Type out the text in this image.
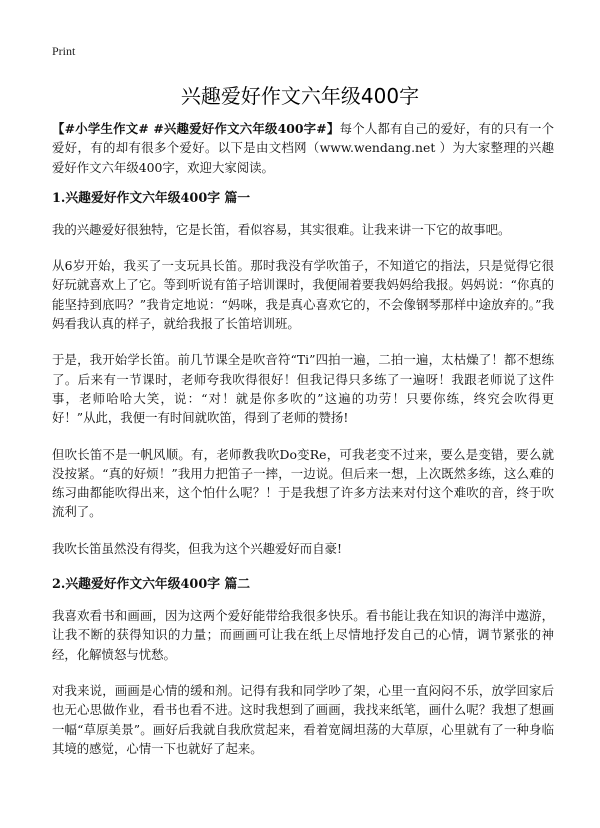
Print
兴趣爱好作文六年级400字

【#小学生作文# #兴趣爱好作文六年级400字#】每个人都有自己的爱好，有的只有一个爱好，有的却有很多个爱好。以下是由文档网（www.wendang.net ）为大家整理的兴趣爱好作文六年级400字，欢迎大家阅读。

1.兴趣爱好作文六年级400字 篇一

我的兴趣爱好很独特，它是长笛，看似容易，其实很难。让我来讲一下它的故事吧。

从6岁开始，我买了一支玩具长笛。那时我没有学吹笛子，不知道它的指法，只是觉得它很好玩就喜欢上了它。等到听说有笛子培训课时，我便闹着要我妈妈给我报。妈妈说：“你真的能坚持到底吗？”我肯定地说：“妈咪，我是真心喜欢它的，不会像钢琴那样中途放弃的。”我妈看我认真的样子，就给我报了长笛培训班。

于是，我开始学长笛。前几节课全是吹音符“Ti”四拍一遍，二拍一遍，太枯燥了！都不想练了。后来有一节课时，老师夸我吹得很好！但我记得只多练了一遍呀！我跟老师说了这件事，老师哈哈大笑，说：“对！就是你多吹的”这遍的功劳！只要你练，终究会吹得更好！”从此，我便一有时间就吹笛，得到了老师的赞扬!

但吹长笛不是一帆风顺。有，老师教我吹Do变Re，可我老变不过来，要么是变错，要么就没按紧。“真的好烦！”我用力把笛子一摔，一边说。但后来一想，上次既然多练，这么难的练习曲都能吹得出来，这个怕什么呢？！于是我想了许多方法来对付这个难吹的音，终于吹流利了。

我吹长笛虽然没有得奖，但我为这个兴趣爱好而自豪!

2.兴趣爱好作文六年级400字 篇二

我喜欢看书和画画，因为这两个爱好能带给我很多快乐。看书能让我在知识的海洋中遨游，让我不断的获得知识的力量；而画画可让我在纸上尽情地抒发自己的心情，调节紧张的神经，化解愤怒与忧愁。

对我来说，画画是心情的缓和剂。记得有我和同学吵了架，心里一直闷闷不乐，放学回家后也无心思做作业，看书也看不进。这时我想到了画画，我找来纸笔，画什么呢？我想了想画一幅“草原美景”。画好后我就自我欣赏起来，看着宽阔坦荡的大草原，心里就有了一种身临其境的感觉，心情一下也就好了起来。
